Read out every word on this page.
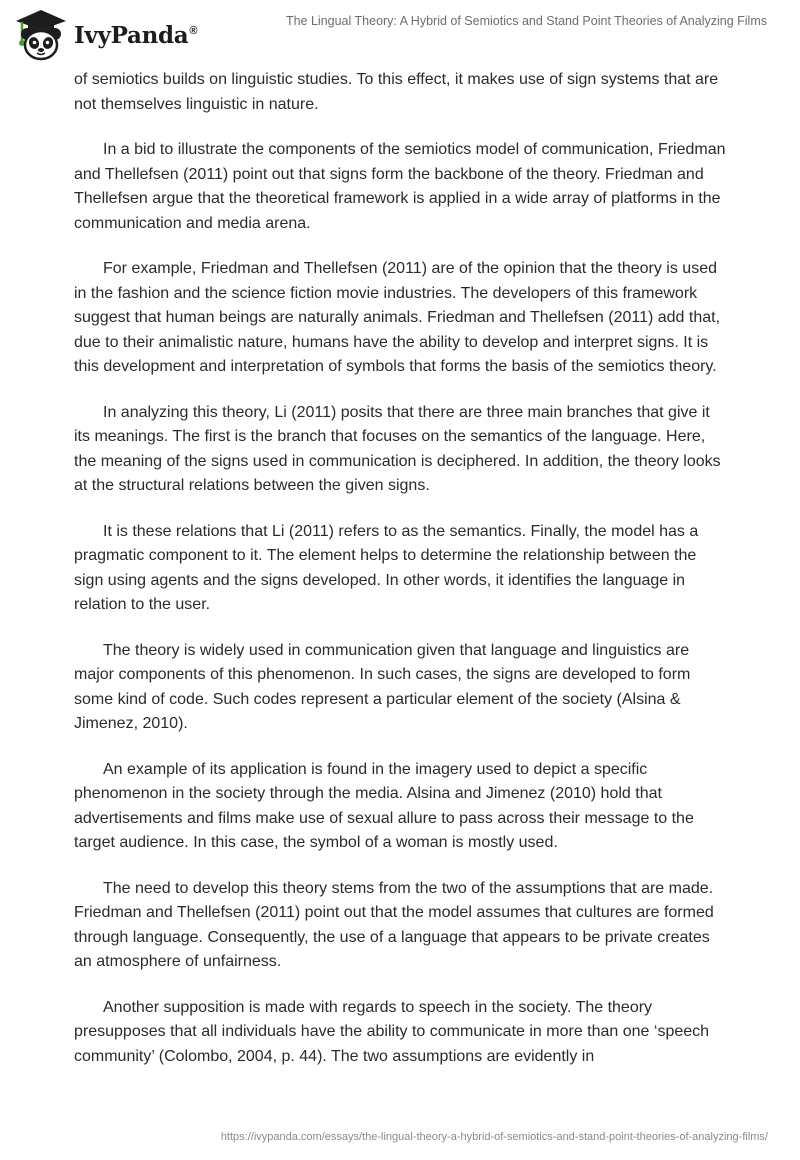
IvyPanda®
The Lingual Theory: A Hybrid of Semiotics and Stand Point Theories of Analyzing Films

of semiotics builds on linguistic studies. To this effect, it makes use of sign systems that are not themselves linguistic in nature.

In a bid to illustrate the components of the semiotics model of communication, Friedman and Thellefsen (2011) point out that signs form the backbone of the theory. Friedman and Thellefsen argue that the theoretical framework is applied in a wide array of platforms in the communication and media arena.

For example, Friedman and Thellefsen (2011) are of the opinion that the theory is used in the fashion and the science fiction movie industries. The developers of this framework suggest that human beings are naturally animals. Friedman and Thellefsen (2011) add that, due to their animalistic nature, humans have the ability to develop and interpret signs. It is this development and interpretation of symbols that forms the basis of the semiotics theory.

In analyzing this theory, Li (2011) posits that there are three main branches that give it its meanings. The first is the branch that focuses on the semantics of the language. Here, the meaning of the signs used in communication is deciphered. In addition, the theory looks at the structural relations between the given signs.

It is these relations that Li (2011) refers to as the semantics. Finally, the model has a pragmatic component to it. The element helps to determine the relationship between the sign using agents and the signs developed. In other words, it identifies the language in relation to the user.

The theory is widely used in communication given that language and linguistics are major components of this phenomenon. In such cases, the signs are developed to form some kind of code. Such codes represent a particular element of the society (Alsina & Jimenez, 2010).

An example of its application is found in the imagery used to depict a specific phenomenon in the society through the media. Alsina and Jimenez (2010) hold that advertisements and films make use of sexual allure to pass across their message to the target audience. In this case, the symbol of a woman is mostly used.

The need to develop this theory stems from the two of the assumptions that are made. Friedman and Thellefsen (2011) point out that the model assumes that cultures are formed through language. Consequently, the use of a language that appears to be private creates an atmosphere of unfairness.

Another supposition is made with regards to speech in the society. The theory presupposes that all individuals have the ability to communicate in more than one ‘speech community’ (Colombo, 2004, p. 44). The two assumptions are evidently in

https://ivypanda.com/essays/the-lingual-theory-a-hybrid-of-semiotics-and-stand-point-theories-of-analyzing-films/
